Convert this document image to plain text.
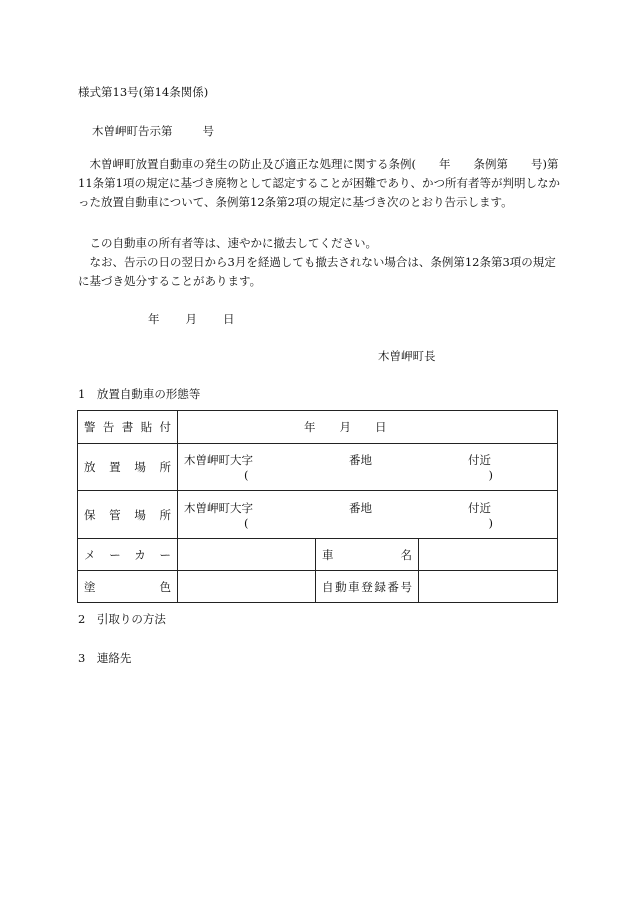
様式第13号(第14条関係)
木曽岬町告示第	号

木曽岬町放置自動車の発生の防止及び適正な処理に関する条例(　　年　　条例第　　号)第11条第1項の規定に基づき廃物として認定することが困難であり、かつ所有者等が判明しなかった放置自動車について、条例第12条第2項の規定に基づき次のとおり告示します。

この自動車の所有者等は、速やかに撤去してください。

なお、告示の日の翌日から3月を経過しても撤去されない場合は、条例第12条第3項の規定に基づき処分することがあります。

年 月 日
木曽岬町長
1　放置自動車の形態等
警告書貼付	年 月 日		

放置場所	木曽岬町大字 番地 付近
( )		

保管場所	木曽岬町大字 番地 付近
( )		

メーカー		車名	

塗色		自動車登録番号	

2　引取りの方法
3　連絡先
